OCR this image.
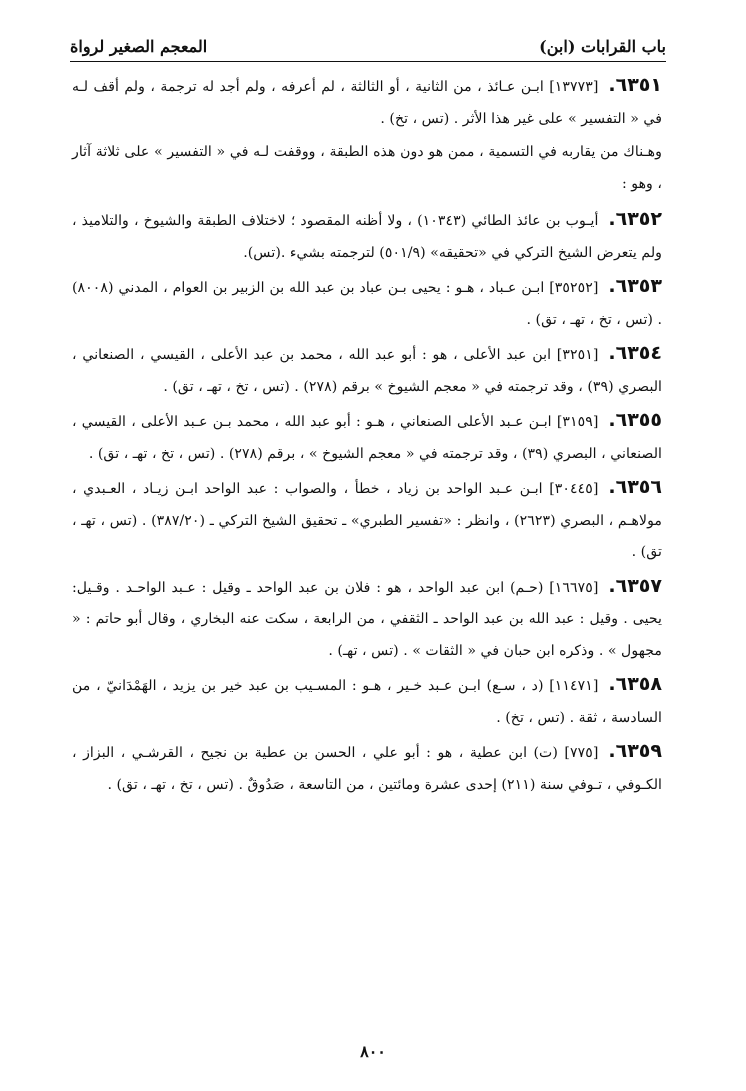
باب القرابات (ابن)
المعجم الصغير لرواة

٦٣٥١.[١٣٧٧٣] ابـن عـائذ ، من الثانية ، أو الثالثة ، لم أعرفه ، ولم أجد له ترجمة ، ولم أقف لـه في « التفسير » على غير هذا الأثر . (تس ، تخ) .

وهـناك من يقاربه في التسمية ، ممن هو دون هذه الطبقة ، ووقفت لـه في « التفسير » على ثلاثة آثار ، وهو :

٦٣٥٢.أيـوب بن عائذ الطائي (١٠٣٤٣) ، ولا أظنه المقصود ؛ لاختلاف الطبقة والشيوخ ، والتلاميذ ، ولم يتعرض الشيخ التركي في «تحقيقه» (٥٠١/٩) لترجمته بشيء .(تس).

٦٣٥٣.[٣٥٢٥٢] ابـن عـباد ، هـو : يحيى بـن عباد بن عبد الله بن الزبير بن العوام ، المدني (٨٠٠٨) . (تس ، تخ ، تهـ ، تق) .

٦٣٥٤.[٣٢٥١] ابن عبد الأعلى ، هو : أبو عبد الله ، محمد بن عبد الأعلى ، القيسي ، الصنعاني ، البصري (٣٩) ، وقد ترجمته في « معجم الشيوخ » برقم (٢٧٨) . (تس ، تخ ، تهـ ، تق) .

٦٣٥٥.[٣١٥٩] ابـن عـبد الأعلى الصنعاني ، هـو : أبو عبد الله ، محمد بـن عـبد الأعلى ، القيسي ، الصنعاني ، البصري (٣٩) ، وقد ترجمته في « معجم الشيوخ » ، برقم (٢٧٨) . (تس ، تخ ، تهـ ، تق) .

٦٣٥٦.[٣٠٤٤٥] ابـن عـبد الواحد بن زياد ، خطأ ، والصواب : عبد الواحد ابـن زيـاد ، العـبدي ، مولاهـم ، البصري (٢٦٢٣) ، وانظر : «تفسير الطبري» ـ تحقيق الشيخ التركي ـ (٣٨٧/٢٠) . (تس ، تهـ ، تق) .

٦٣٥٧.[١٦٦٧٥] (حـم) ابن عبد الواحد ، هو : فلان بن عبد الواحد ـ وقيل : عـبد الواحـد . وقـيل: يحيى . وقيل : عبد الله بن عبد الواحد ـ الثقفي ، من الرابعة ، سكت عنه البخاري ، وقال أبو حاتم : « مجهول » . وذكره ابن حبان في « الثقات » . (تس ، تهـ) .

٦٣٥٨.[١١٤٧١] (د ، سـع) ابـن عـبد خـير ، هـو : المسـيب بن عبد خير بن يزيد ، الهَمْدَانيّ ، من السادسة ، ثقة . (تس ، تخ) .

٦٣٥٩.[٧٧٥] (ت) ابن عطية ، هو : أبو علي ، الحسن بن عطية بن نجيح ، القرشـي ، البزاز ، الكـوفي ، تـوفي سنة (٢١١) إحدى عشرة ومائتين ، من التاسعة ، صَدُوقٌ . (تس ، تخ ، تهـ ، تق) .

٨٠٠
